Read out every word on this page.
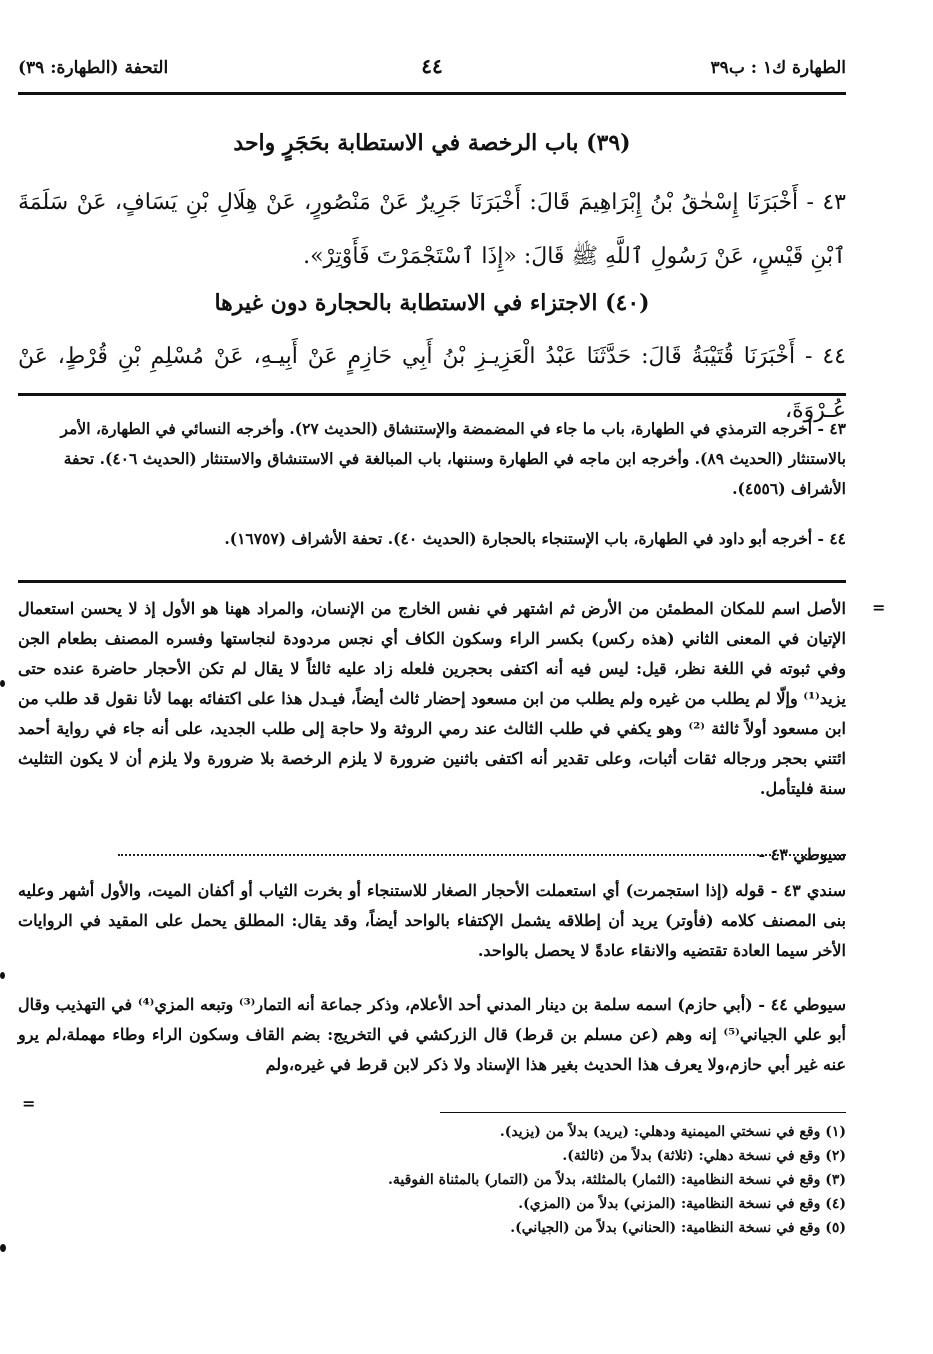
الطهارة ك١ : ب٣٩
٤٤
التحفة (الطهارة: ٣٩)
(٣٩) باب الرخصة في الاستطابة بحَجَرٍ واحد
٤٣ - أَخْبَرَنَا إِسْحٰقُ بْنُ إِبْرَاهِيمَ قَالَ: أَخْبَرَنَا جَرِيرٌ عَنْ مَنْصُورٍ، عَنْ هِلَالِ بْنِ يَسَافٍ، عَنْ سَلَمَةَ ٱبْنِ قَيْسٍ، عَنْ رَسُولِ ٱللَّهِ ﷺ قَالَ: «إِذَا ٱسْتَجْمَرْتَ فَأَوْتِرْ».
(٤٠) الاجتزاء في الاستطابة بالحجارة دون غيرها
٤٤ - أَخْبَرَنَا قُتَيْبَةُ قَالَ: حَدَّثَنَا عَبْدُ الْعَزِيـزِ بْنُ أَبِي حَازِمٍ عَنْ أَبِيـهِ، عَنْ مُسْلِمِ بْنِ قُرْطٍ، عَنْ عُـرْوَةَ،
٤٣ - أخرجه الترمذي في الطهارة، باب ما جاء في المضمضة والإستنشاق (الحديث ٢٧). وأخرجه النسائي في الطهارة، الأمر بالاستنثار (الحديث ٨٩). وأخرجه ابن ماجه في الطهارة وسننها، باب المبالغة في الاستنشاق والاستنثار (الحديث ٤٠٦). تحفة الأشراف (٤٥٥٦).
٤٤ - أخرجه أبو داود في الطهارة، باب الإستنجاء بالحجارة (الحديث ٤٠). تحفة الأشراف (١٦٧٥٧).
=

الأصل اسم للمكان المطمئن من الأرض ثم اشتهر في نفس الخارج من الإنسان، والمراد ههنا هو الأول إذ لا يحسن استعمال الإتيان في المعنى الثاني (هذه ركس) بكسر الراء وسكون الكاف أي نجس مردودة لنجاستها وفسره المصنف بطعام الجن وفي ثبوته في اللغة نظر، قيل: ليس فيه أنه اكتفى بحجرين فلعله زاد عليه ثالثاً لا يقال لم تكن الأحجار حاضرة عنده حتى يزيد⁽¹⁾ وإلّا لم يطلب من غيره ولم يطلب من ابن مسعود إحضار ثالث أيضاً، فيـدل هذا على اكتفائه بهما لأنا نقول قد طلب من ابن مسعود أولاً ثالثة ⁽²⁾ وهو يكفي في طلب الثالث عند رمي الروثة ولا حاجة إلى طلب الجديد، على أنه جاء في رواية أحمد ائتني بحجر ورجاله ثقات أثبات، وعلى تقدير أنه اكتفى باثنين ضرورة لا يلزم الرخصة بلا ضرورة ولا يلزم أن لا يكون التثليث سنة فليتأمل.

سيوطي ٤٣ -
سندي ٤٣ - قوله (إذا استجمرت) أي استعملت الأحجار الصغار للاستنجاء أو بخرت الثياب أو أكفان الميت، والأول أشهر وعليه بنى المصنف كلامه (فأوتر) يريد أن إطلاقه يشمل الإكتفاء بالواحد أيضاً، وقد يقال: المطلق يحمل على المقيد في الروايات الأخر سيما العادة تقتضيه والانقاء عادةً لا يحصل بالواحد.
سيوطي ٤٤ - (أبي حازم) اسمه سلمة بن دينار المدني أحد الأعلام، وذكر جماعة أنه التمار⁽³⁾ وتبعه المزي⁽⁴⁾ في التهذيب وقال أبو علي الجياني⁽⁵⁾ إنه وهم (عن مسلم بن قرط) قال الزركشي في التخريج: بضم القاف وسكون الراء وطاء مهملة،لم يرو عنه غير أبي حازم،ولا يعرف هذا الحديث بغير هذا الإسناد ولا ذكر لابن قرط في غيره،ولم
=
(١) وقع في نسختي الميمنية ودهلي: (يريد) بدلاً من (يزيد).
(٢) وقع في نسخة دهلي: (ثلاثة) بدلاً من (ثالثة).
(٣) وقع في نسخة النظامية: (الثمار) بالمثلثة، بدلاً من (التمار) بالمثناة الفوقية.
(٤) وقع في نسخة النظامية: (المزني) بدلاً من (المزي).
(٥) وقع في نسخة النظامية: (الحناني) بدلاً من (الجياني).
